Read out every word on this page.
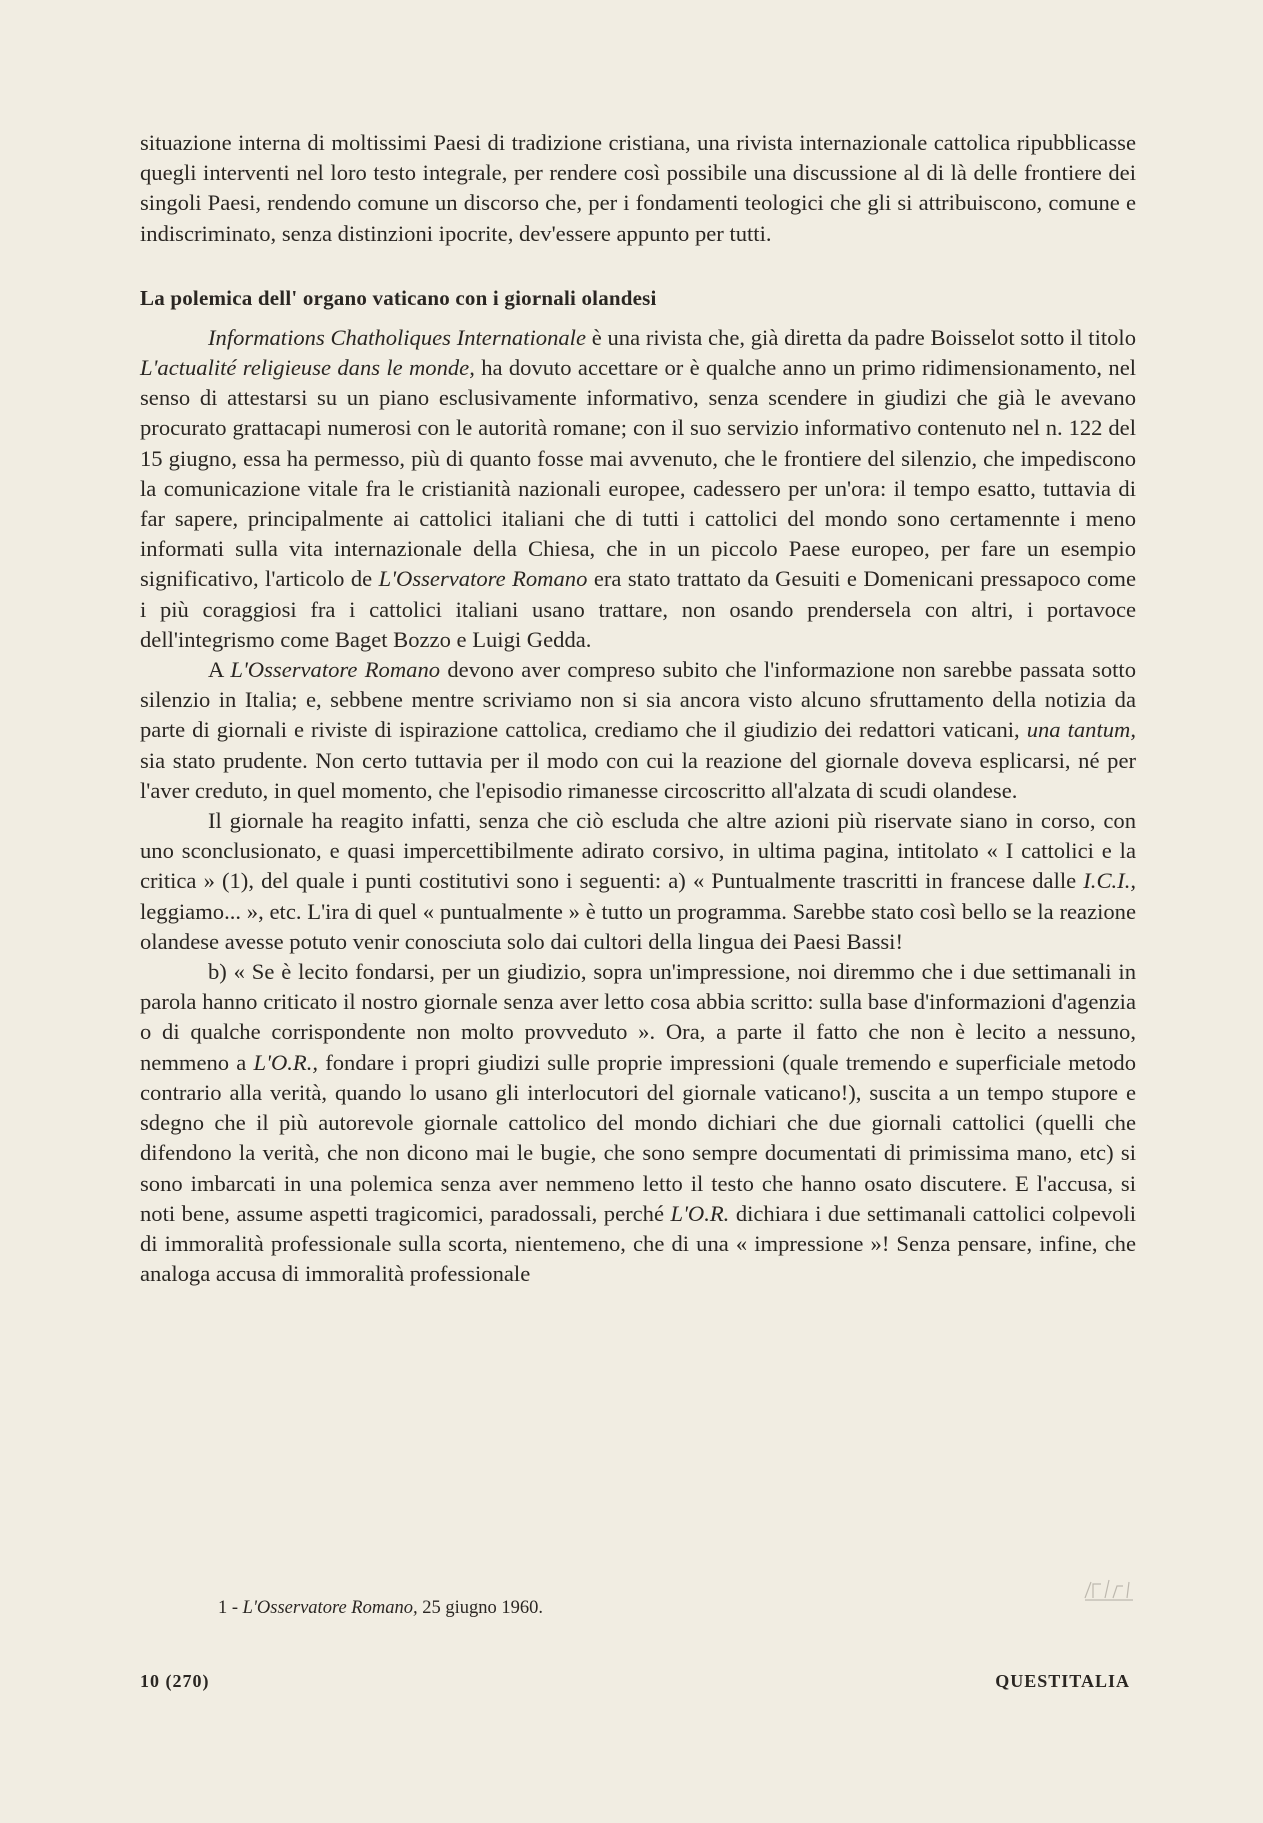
situazione interna di moltissimi Paesi di tradizione cristiana, una rivista internazionale cattolica ripubblicasse quegli interventi nel loro testo integrale, per rendere così possibile una discussione al di là delle frontiere dei singoli Paesi, rendendo comune un discorso che, per i fondamenti teologici che gli si attribuiscono, comune e indiscriminato, senza distinzioni ipocrite, dev'essere appunto per tutti.

La polemica dell' organo vaticano con i giornali olandesi

Informations Chatholiques Internationale è una rivista che, già diretta da padre Boisselot sotto il titolo L'actualité religieuse dans le monde, ha dovuto accettare or è qualche anno un primo ridimensionamento, nel senso di attestarsi su un piano esclusivamente informativo, senza scendere in giudizi che già le avevano procurato grattacapi numerosi con le autorità romane; con il suo servizio informativo contenuto nel n. 122 del 15 giugno, essa ha permesso, più di quanto fosse mai avvenuto, che le frontiere del silenzio, che impediscono la comunicazione vitale fra le cristianità nazionali europee, cadessero per un'ora: il tempo esatto, tuttavia di far sapere, principalmente ai cattolici italiani che di tutti i cattolici del mondo sono certamennte i meno informati sulla vita internazionale della Chiesa, che in un piccolo Paese europeo, per fare un esempio significativo, l'articolo de L'Osservatore Romano era stato trattato da Gesuiti e Domenicani pressapoco come i più coraggiosi fra i cattolici italiani usano trattare, non osando prendersela con altri, i portavoce dell'integrismo come Baget Bozzo e Luigi Gedda.

A L'Osservatore Romano devono aver compreso subito che l'informazione non sarebbe passata sotto silenzio in Italia; e, sebbene mentre scriviamo non si sia ancora visto alcuno sfruttamento della notizia da parte di giornali e riviste di ispirazione cattolica, crediamo che il giudizio dei redattori vaticani, una tantum, sia stato prudente. Non certo tuttavia per il modo con cui la reazione del giornale doveva esplicarsi, né per l'aver creduto, in quel momento, che l'episodio rimanesse circoscritto all'alzata di scudi olandese.

Il giornale ha reagito infatti, senza che ciò escluda che altre azioni più riservate siano in corso, con uno sconclusionato, e quasi impercettibilmente adirato corsivo, in ultima pagina, intitolato « I cattolici e la critica » (1), del quale i punti costitutivi sono i seguenti: a) « Puntualmente trascritti in francese dalle I.C.I., leggiamo... », etc. L'ira di quel « puntualmente » è tutto un programma. Sarebbe stato così bello se la reazione olandese avesse potuto venir conosciuta solo dai cultori della lingua dei Paesi Bassi!

b) « Se è lecito fondarsi, per un giudizio, sopra un'impressione, noi diremmo che i due settimanali in parola hanno criticato il nostro giornale senza aver letto cosa abbia scritto: sulla base d'informazioni d'agenzia o di qualche corrispondente non molto provveduto ». Ora, a parte il fatto che non è lecito a nessuno, nemmeno a L'O.R., fondare i propri giudizi sulle proprie impressioni (quale tremendo e superficiale metodo contrario alla verità, quando lo usano gli interlocutori del giornale vaticano!), suscita a un tempo stupore e sdegno che il più autorevole giornale cattolico del mondo dichiari che due giornali cattolici (quelli che difendono la verità, che non dicono mai le bugie, che sono sempre documentati di primissima mano, etc) si sono imbarcati in una polemica senza aver nemmeno letto il testo che hanno osato discutere. E l'accusa, si noti bene, assume aspetti tragicomici, paradossali, perché L'O.R. dichiara i due settimanali cattolici colpevoli di immoralità professionale sulla scorta, nientemeno, che di una « impressione »! Senza pensare, infine, che analoga accusa di immoralità professionale

1 - L'Osservatore Romano, 25 giugno 1960.
10 (270)	QUESTITALIA
